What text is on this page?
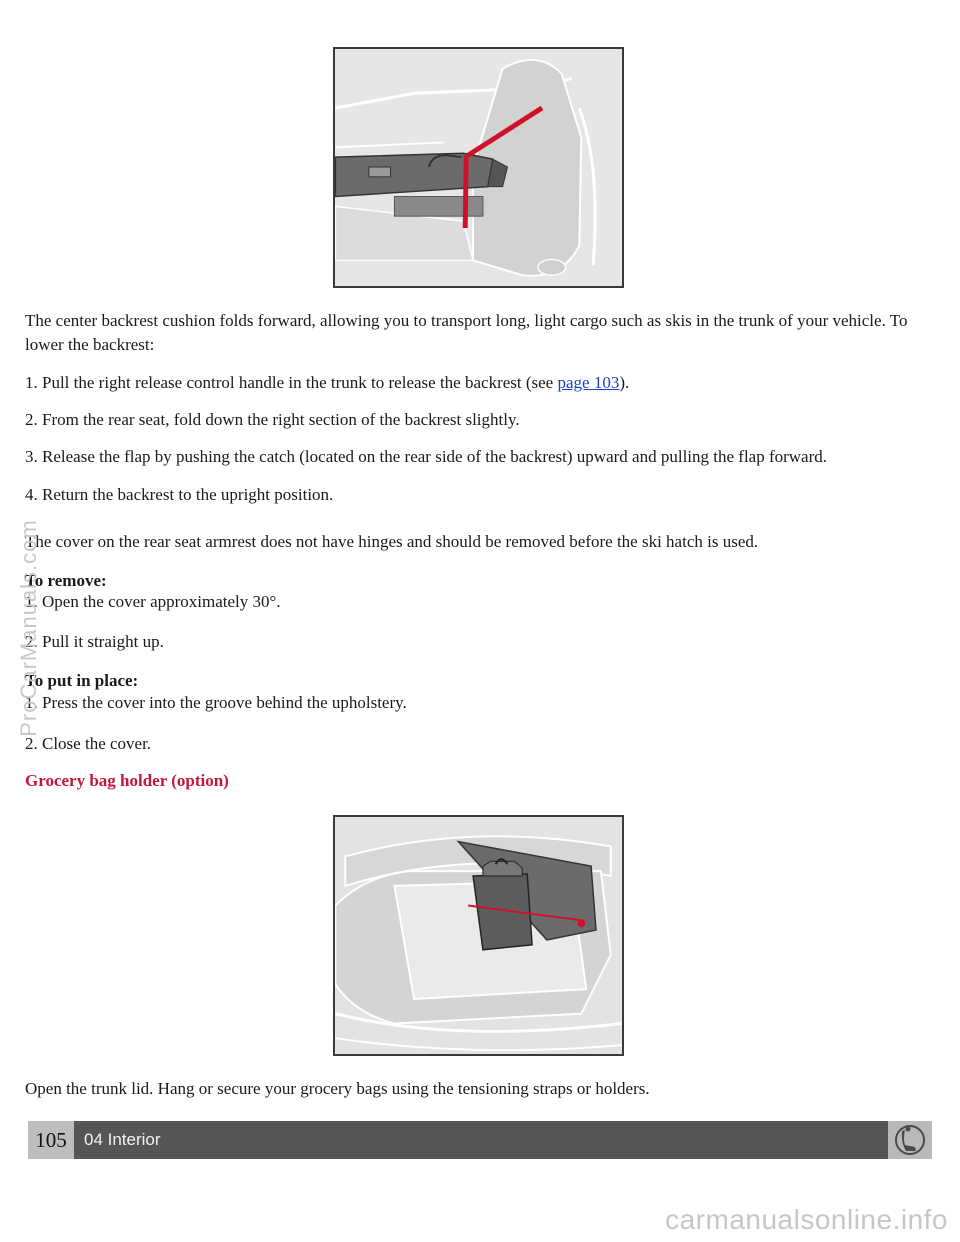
The center backrest cushion folds forward, allowing you to transport long, light cargo such as skis in the trunk of your vehicle. To lower the backrest:

1. Pull the right release control handle in the trunk to release the backrest (see page 103).

2. From the rear seat, fold down the right section of the backrest slightly.

3. Release the flap by pushing the catch (located on the rear side of the backrest) upward and pulling the flap forward.

4. Return the backrest to the upright position.

The cover on the rear seat armrest does not have hinges and should be removed before the ski hatch is used.

To remove:

1. Open the cover approximately 30°.

2. Pull it straight up.

To put in place:

1. Press the cover into the groove behind the upholstery.

2. Close the cover.

Grocery bag holder (option)

Open the trunk lid. Hang or secure your grocery bags using the tensioning straps or holders.

105	04 Interior
ProCarManuals.com
carmanualsonline.info
